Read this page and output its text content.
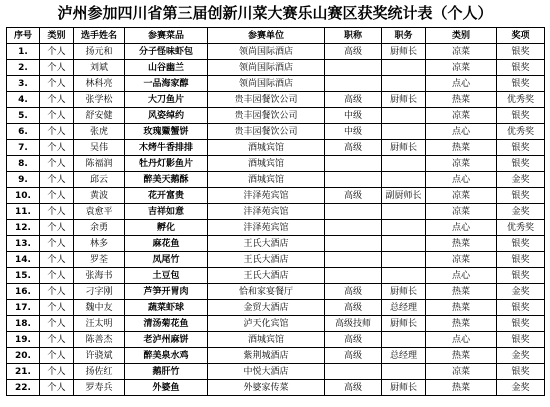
泸州参加四川省第三届创新川菜大赛乐山赛区获奖统计表（个人）
序号	类别	选手姓名	参赛菜品	参赛单位	职称	职务	类别	奖项
1.	个人	扬元和	分子怪味虾包	领尚国际酒店	高级	厨师长	凉菜	银奖
2.	个人	刘斌	山谷幽兰	领尚国际酒店			凉菜	银奖
3.	个人	林科亮	一品海家醇	领尚国际酒店			点心	银奖
4.	个人	张学松	大刀鱼片	贵丰园餐饮公司	高级	厨师长	热菜	优秀奖
5.	个人	舒安健	风姿绰约	贵丰园餐饮公司	中级		凉菜	银奖
6.	个人	张虎	玫瑰鱀蟹饼	贵丰园餐饮公司	中级		点心	优秀奖
7.	个人	吴伟	木烤牛香排排	酒城宾馆	高级	厨师长	热菜	银奖
8.	个人	陈福润	牡丹灯影鱼片	酒城宾馆			凉菜	银奖
9.	个人	邱云	醉美天鹅酥	酒城宾馆			点心	金奖
10.	个人	黄波	花开富贵	沣泽苑宾馆	高级	副厨师长	凉菜	银奖
11.	个人	袁愈平	吉祥如意	沣泽苑宾馆			凉菜	金奖
12.	个人	余勇	孵化	沣泽苑宾馆			点心	优秀奖
13.	个人	林多	麻花鱼	王氏大酒店			热菜	银奖
14.	个人	罗荃	凤尾竹	王氏大酒店			凉菜	银奖
15.	个人	张海书	土豆包	王氏大酒店			点心	银奖
16.	个人	刁字刚	芦笋开胃肉	恰和家宴餐厅	高级	厨师长	热菜	金奖
17.	个人	魏中友	蔬菜虾球	金贸大酒店	高级	总经理	热菜	银奖
18.	个人	汪太明	清汤菊花鱼	泸天化宾馆	高级技师	厨师长	热菜	银奖
19.	个人	陈善杰	老泸州麻饼	酒城宾馆	高级		点心	银奖
20.	个人	许骁斌	醉美泉水鸡	紫荆城酒店	高级	总经理	热菜	金奖
21.	个人	扬佐红	鹅肝竹	中悦大酒店			凉菜	银奖
22.	个人	罗寿兵	外婆鱼	外婆家传菜	高级	厨师长	热菜	金奖
